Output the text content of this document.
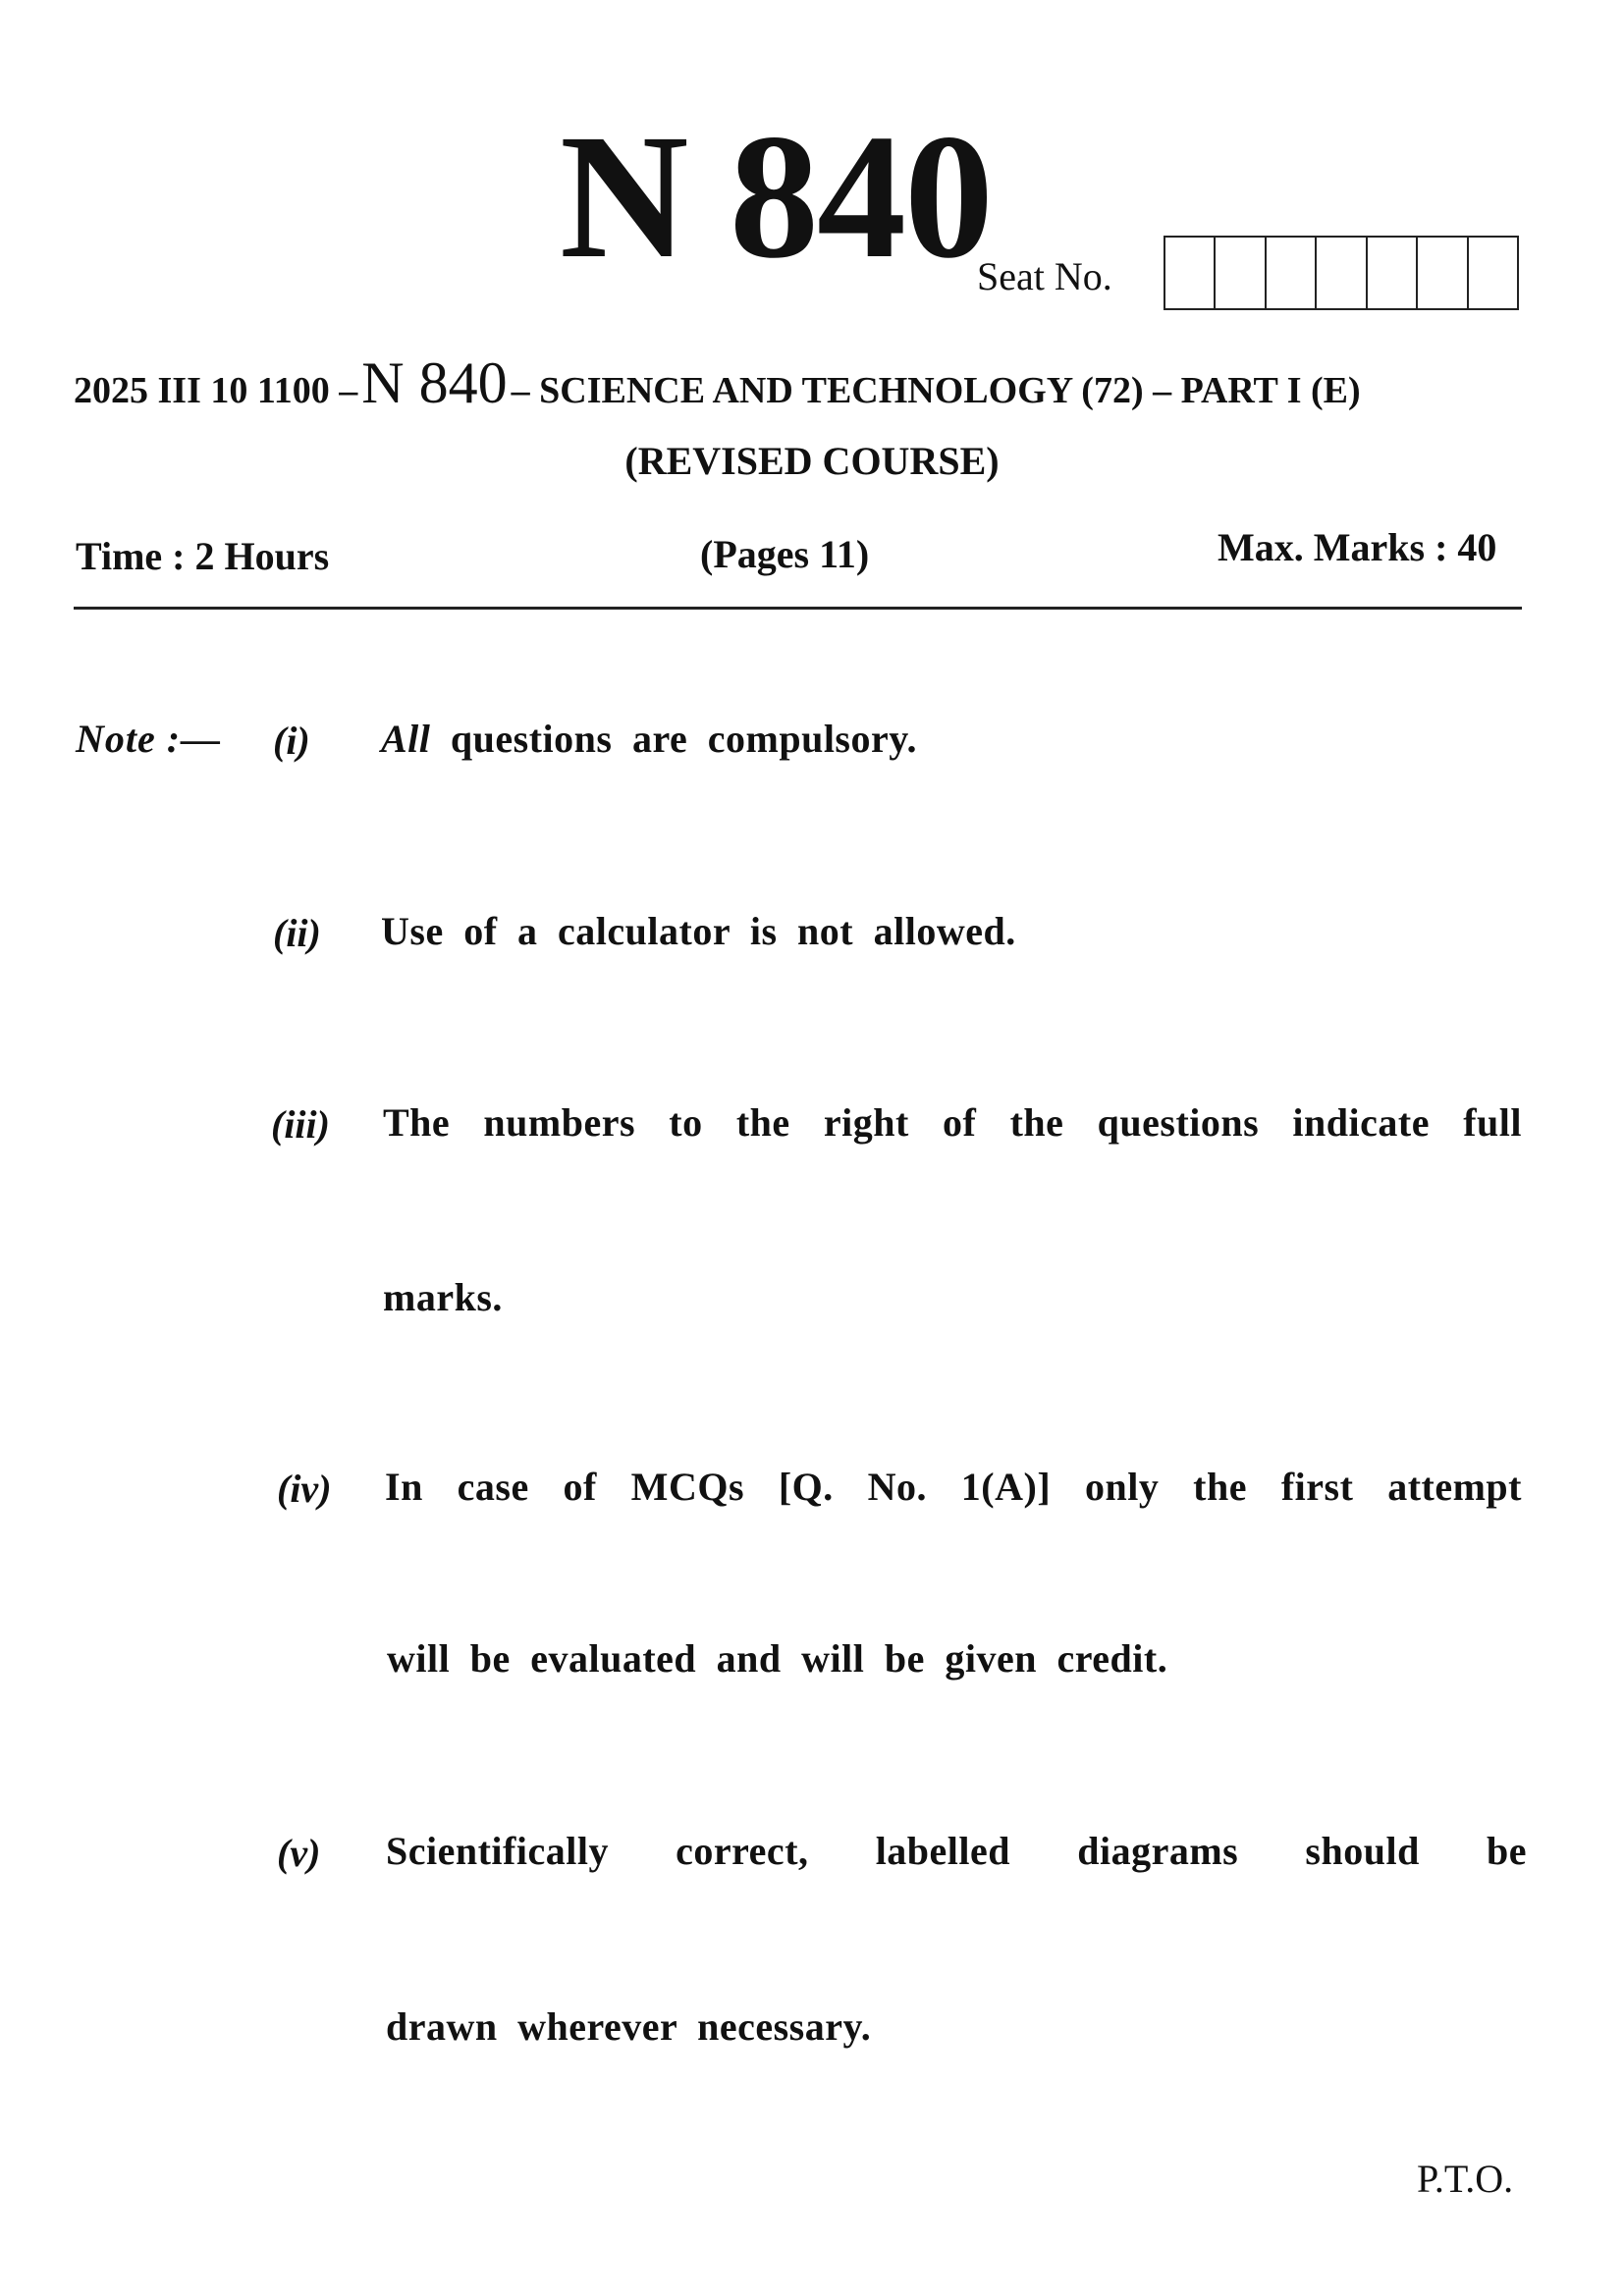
N 840
Seat No.
2025 III 10 1100 –N 840 – SCIENCE AND TECHNOLOGY (72) – PART I (E)
(REVISED COURSE)
Time : 2 Hours	(Pages 11)	Max. Marks : 40
Note :— (i) All questions are compulsory.
(ii) Use of a calculator is not allowed.
(iii) The numbers to the right of the questions indicate full
marks.
(iv) In case of MCQs [Q. No. 1(A)] only the first attempt
will be evaluated and will be given credit.
(v) Scientifically correct, labelled diagrams should be
drawn wherever necessary.
P.T.O.
